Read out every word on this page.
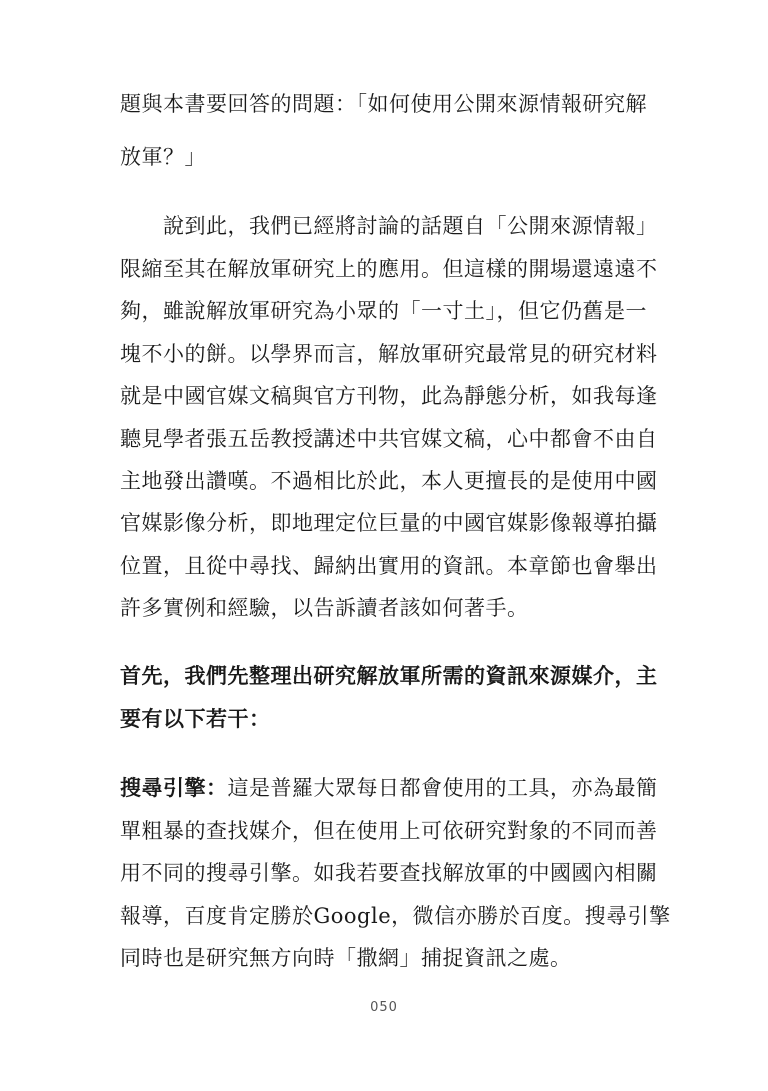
題與本書要回答的問題：「如何使用公開來源情報研究解
放軍？」
　　說到此，我們已經將討論的話題自「公開來源情報」
限縮至其在解放軍研究上的應用。但這樣的開場還遠遠不
夠，雖說解放軍研究為小眾的「一寸土」，但它仍舊是一
塊不小的餅。以學界而言，解放軍研究最常見的研究材料
就是中國官媒文稿與官方刊物，此為靜態分析，如我每逢
聽見學者張五岳教授講述中共官媒文稿，心中都會不由自
主地發出讚嘆。不過相比於此，本人更擅長的是使用中國
官媒影像分析，即地理定位巨量的中國官媒影像報導拍攝
位置，且從中尋找、歸納出實用的資訊。本章節也會舉出
許多實例和經驗，以告訴讀者該如何著手。
首先，我們先整理出研究解放軍所需的資訊來源媒介，主
要有以下若干：
搜尋引擎：這是普羅大眾每日都會使用的工具，亦為最簡
單粗暴的查找媒介，但在使用上可依研究對象的不同而善
用不同的搜尋引擎。如我若要查找解放軍的中國國內相關
報導，百度肯定勝於Google，微信亦勝於百度。搜尋引擎
同時也是研究無方向時「撒網」捕捉資訊之處。
050
